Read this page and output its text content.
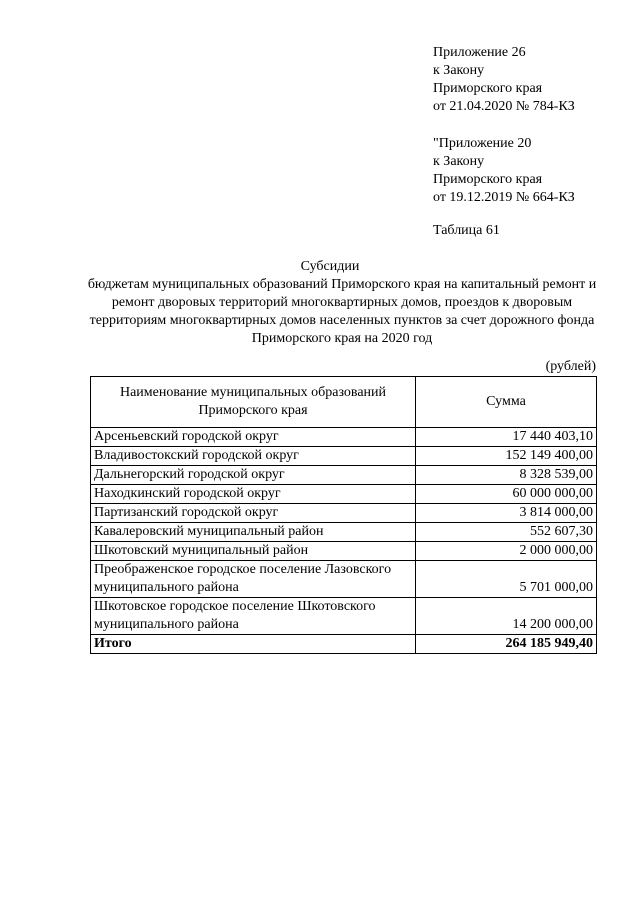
Приложение 26
к Закону
Приморского края
от 21.04.2020 № 784-КЗ
"Приложение 20
к Закону
Приморского края
от 19.12.2019 № 664-КЗ
Таблица 61
Субсидии
бюджетам муниципальных образований Приморского края на капитальный ремонт и ремонт дворовых территорий многоквартирных домов, проездов к дворовым территориям многоквартирных домов населенных пунктов за счет дорожного фонда Приморского края на 2020 год
(рублей)
Наименование муниципальных образований Приморского края	Сумма
Арсеньевский городской округ	17 440 403,10
Владивостокский городской округ	152 149 400,00
Дальнегорский городской округ	8 328 539,00
Находкинский городской округ	60 000 000,00
Партизанский городской округ	3 814 000,00
Кавалеровский муниципальный район	552 607,30
Шкотовский муниципальный район	2 000 000,00
Преображенское городское поселение Лазовского муниципального района	5 701 000,00
Шкотовское городское поселение Шкотовского муниципального района	14 200 000,00
Итого	264 185 949,40
